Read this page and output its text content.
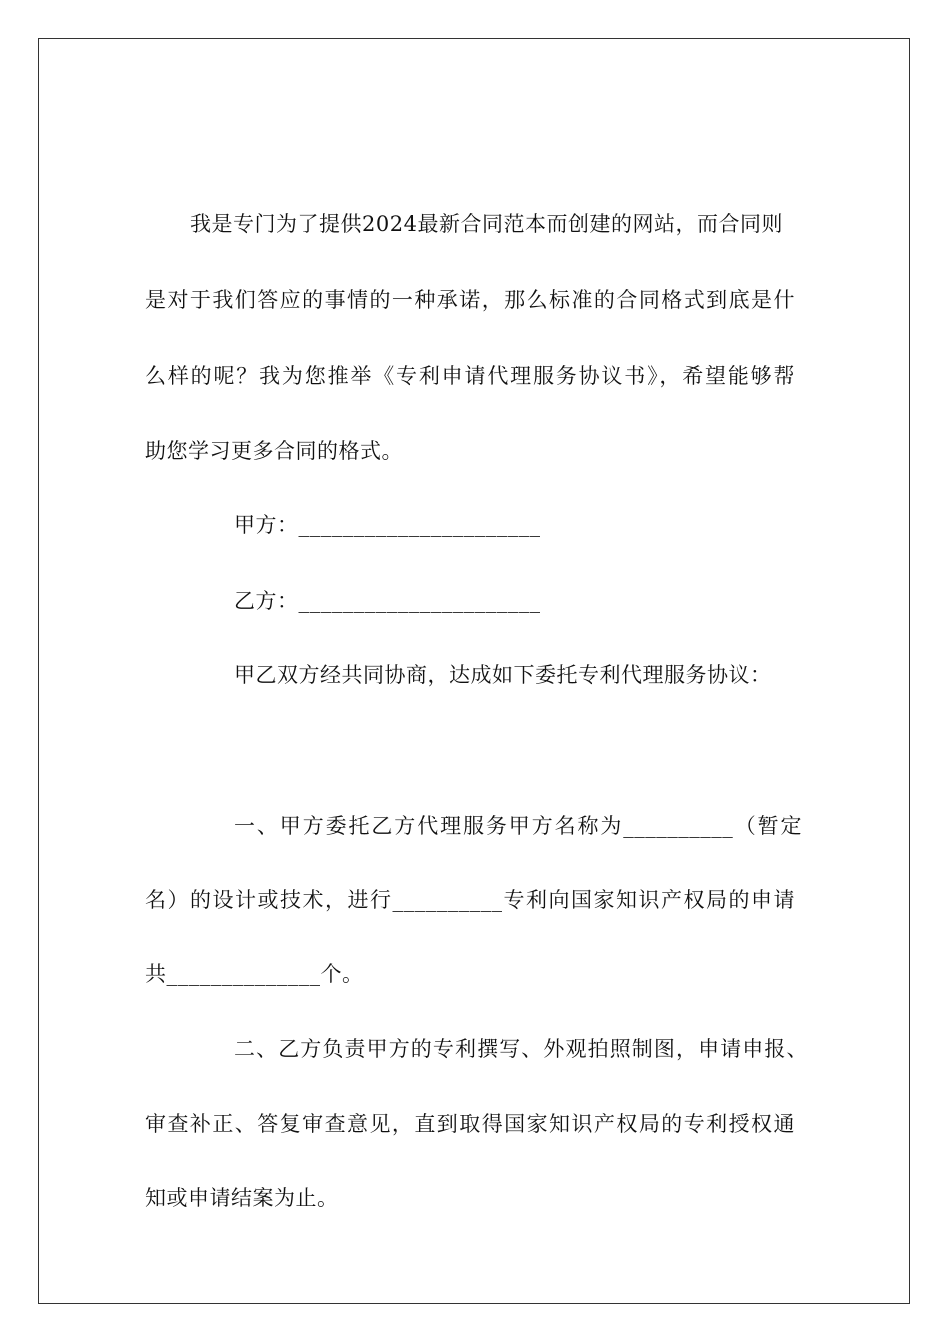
我是专门为了提供2024最新合同范本而创建的网站，而合同则
是对于我们答应的事情的一种承诺，那么标准的合同格式到底是什
么样的呢？我为您推举《专利申请代理服务协议书》，希望能够帮
助您学习更多合同的格式。
甲方：______________________
乙方：______________________
甲乙双方经共同协商，达成如下委托专利代理服务协议：
一、甲方委托乙方代理服务甲方名称为__________（暂定
名）的设计或技术，进行__________专利向国家知识产权局的申请
共______________个。
二、乙方负责甲方的专利撰写、外观拍照制图，申请申报、
审查补正、答复审查意见，直到取得国家知识产权局的专利授权通
知或申请结案为止。
